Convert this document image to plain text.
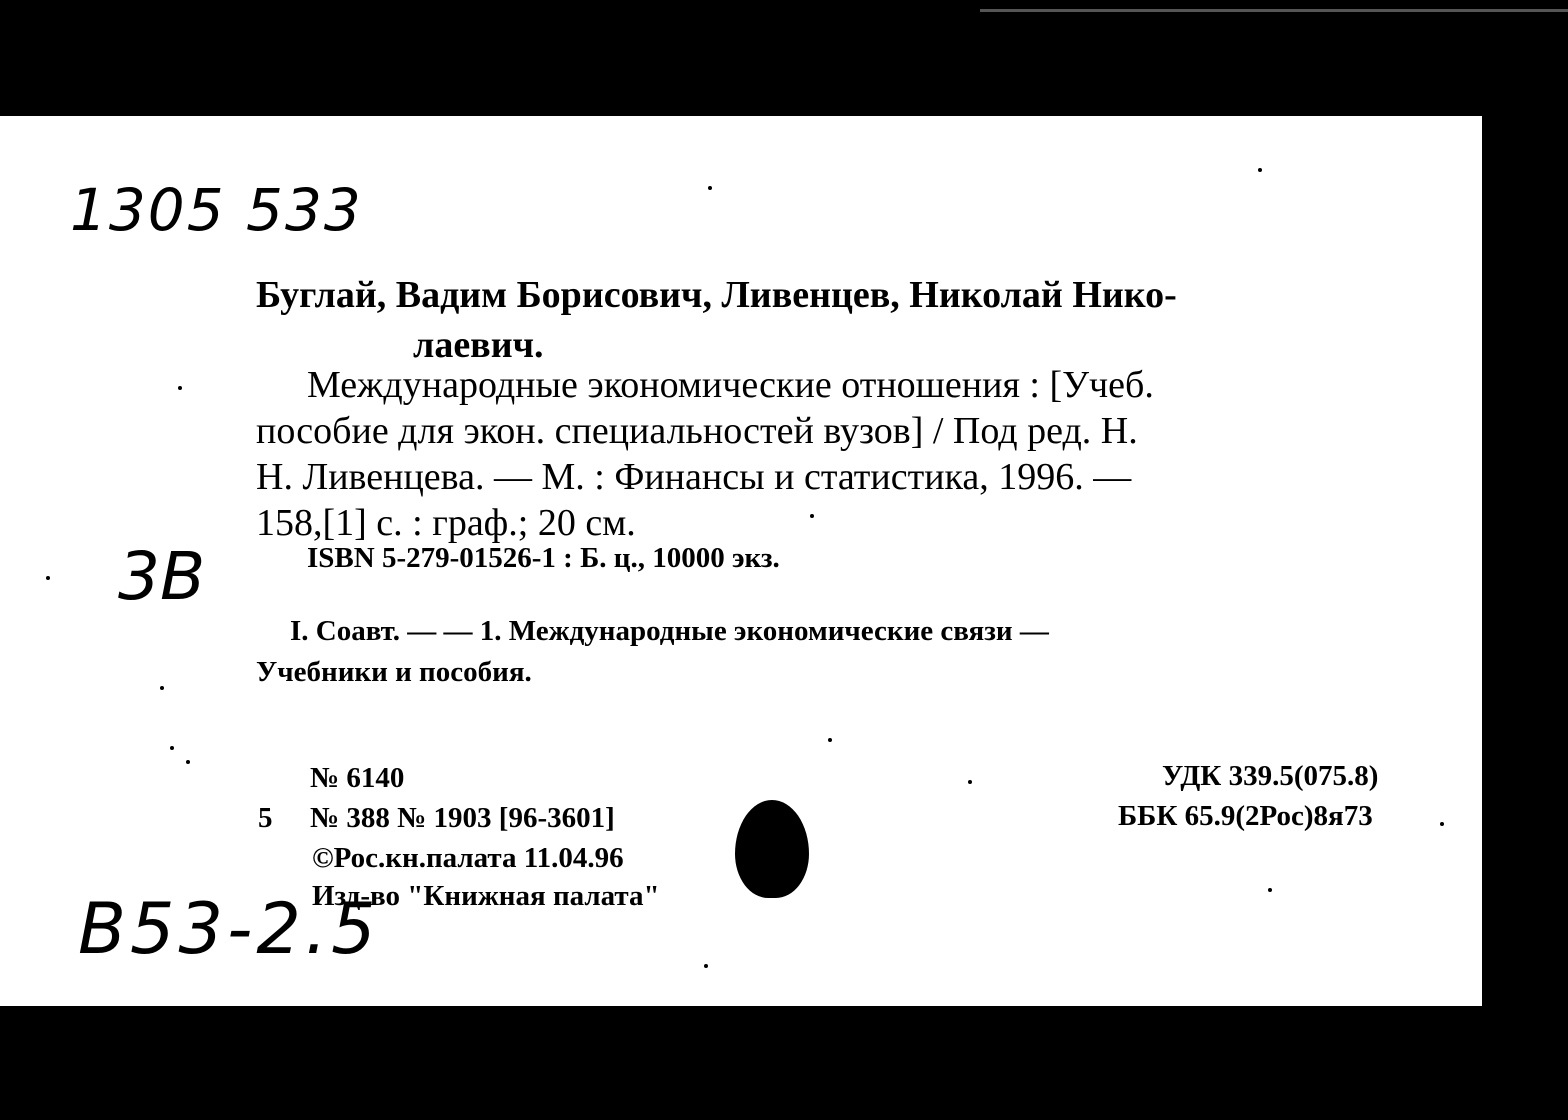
1305 533
Буглай, Вадим Борисович, Ливенцев, Николай Нико-
лаевич.
Международные экономические отношения : [Учеб.
пособие для экон. специальностей вузов] / Под ред. Н.
Н. Ливенцева. — М. : Финансы и статистика, 1996. —
158,[1] с. : граф.; 20 см.
3B	ISBN 5-279-01526-1 : Б. ц., 10000 экз.
I. Соавт. — — 1. Международные экономические связи —
Учебники и пособия.
№ 6140
5 № 388 № 1903 [96-3601]
©Рос.кн.палата 11.04.96
Изд-во "Книжная палата"
УДК 339.5(075.8)
ББК 65.9(2Рос)8я73
B53-2.5
